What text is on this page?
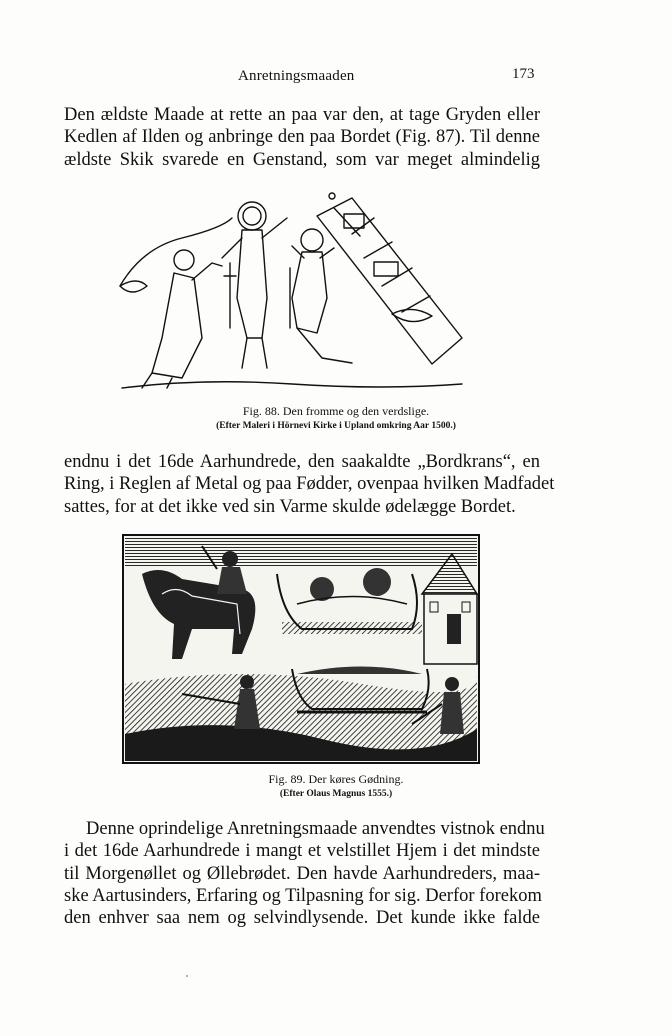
Anretningsmaaden	173

Den ældste Maade at rette an paa var den, at tage Gryden eller
Kedlen af Ilden og anbringe den paa Bordet (Fig. 87). Til denne
ældste Skik svarede en Genstand, som var meget almindelig

Fig. 88. Den fromme og den verdslige.
(Efter Maleri i Hörnevi Kirke i Upland omkring Aar 1500.)

endnu i det 16de Aarhundrede, den saakaldte „Bordkrans“, en
Ring, i Reglen af Metal og paa Fødder, ovenpaa hvilken Madfadet
sattes, for at det ikke ved sin Varme skulde ødelægge Bordet.

Fig. 89. Der køres Gødning.
(Efter Olaus Magnus 1555.)

Denne oprindelige Anretningsmaade anvendtes vistnok endnu
i det 16de Aarhundrede i mangt et velstillet Hjem i det mindste
til Morgenøllet og Øllebrødet. Den havde Aarhundreders, maa-
ske Aartusinders, Erfaring og Tilpasning for sig. Derfor forekom
den enhver saa nem og selvindlysende. Det kunde ikke falde
